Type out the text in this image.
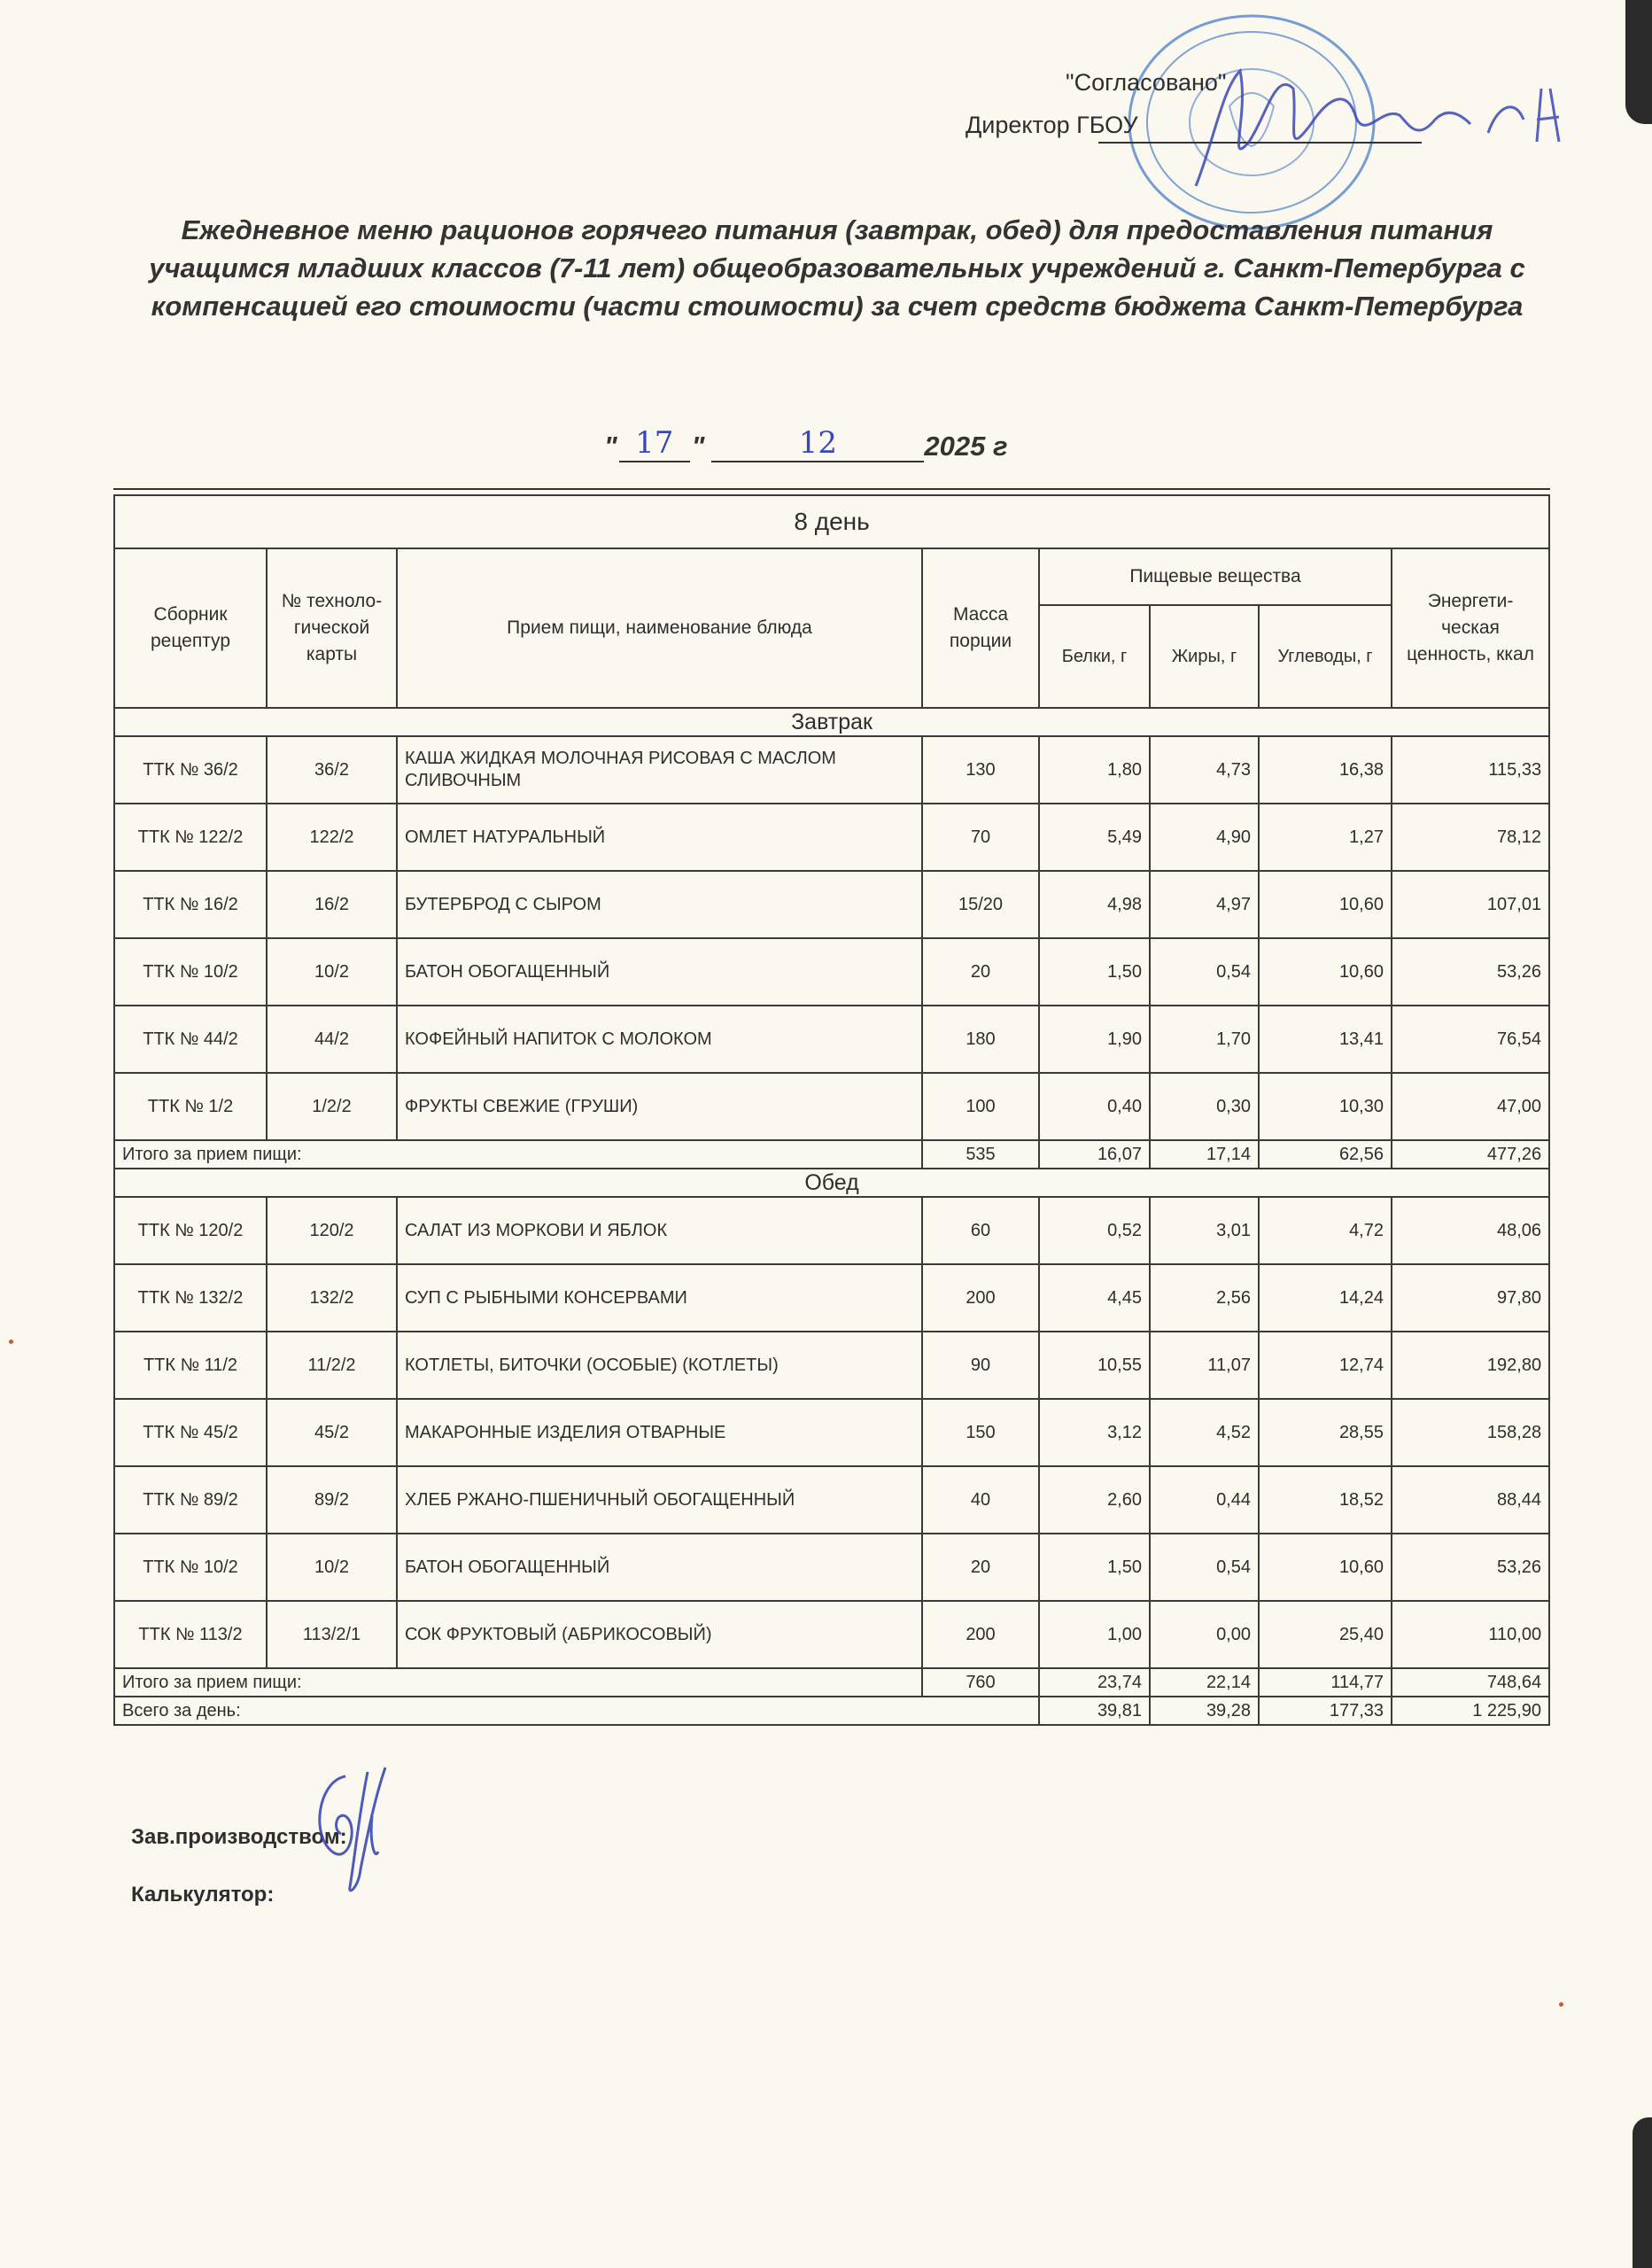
"Согласовано"
Директор ГБОУ
Ежедневное меню рационов горячего питания (завтрак, обед) для предоставления питания учащимся младших классов (7-11 лет) общеобразовательных учреждений г. Санкт-Петербурга с компенсацией его стоимости (части стоимости) за счет средств бюджета Санкт-Петербурга
" 17 "	12	2025 г
8 день							
Сборник рецептур	№ техноло- гической карты	Прием пищи, наименование блюда	Масса порции	Пищевые вещества			Энергети- ческая ценность, ккал
				Белки, г	Жиры, г	Углеводы, г	
Завтрак							
ТТК № 36/2	36/2	КАША ЖИДКАЯ МОЛОЧНАЯ РИСОВАЯ С МАСЛОМ СЛИВОЧНЫМ	130	1,80	4,73	16,38	115,33
ТТК № 122/2	122/2	ОМЛЕТ НАТУРАЛЬНЫЙ	70	5,49	4,90	1,27	78,12
ТТК № 16/2	16/2	БУТЕРБРОД С СЫРОМ	15/20	4,98	4,97	10,60	107,01
ТТК № 10/2	10/2	БАТОН ОБОГАЩЕННЫЙ	20	1,50	0,54	10,60	53,26
ТТК № 44/2	44/2	КОФЕЙНЫЙ НАПИТОК С МОЛОКОМ	180	1,90	1,70	13,41	76,54
ТТК № 1/2	1/2/2	ФРУКТЫ СВЕЖИЕ (ГРУШИ)	100	0,40	0,30	10,30	47,00
Итого за прием пищи:			535	16,07	17,14	62,56	477,26
Обед							
ТТК № 120/2	120/2	САЛАТ ИЗ МОРКОВИ И ЯБЛОК	60	0,52	3,01	4,72	48,06
ТТК № 132/2	132/2	СУП С РЫБНЫМИ КОНСЕРВАМИ	200	4,45	2,56	14,24	97,80
ТТК № 11/2	11/2/2	КОТЛЕТЫ, БИТОЧКИ (ОСОБЫЕ) (КОТЛЕТЫ)	90	10,55	11,07	12,74	192,80
ТТК № 45/2	45/2	МАКАРОННЫЕ ИЗДЕЛИЯ ОТВАРНЫЕ	150	3,12	4,52	28,55	158,28
ТТК № 89/2	89/2	ХЛЕБ РЖАНО-ПШЕНИЧНЫЙ ОБОГАЩЕННЫЙ	40	2,60	0,44	18,52	88,44
ТТК № 10/2	10/2	БАТОН ОБОГАЩЕННЫЙ	20	1,50	0,54	10,60	53,26
ТТК № 113/2	113/2/1	СОК ФРУКТОВЫЙ (АБРИКОСОВЫЙ)	200	1,00	0,00	25,40	110,00
Итого за прием пищи:			760	23,74	22,14	114,77	748,64
Всего за день:				39,81	39,28	177,33	1 225,90
Зав.производством:
Калькулятор:
